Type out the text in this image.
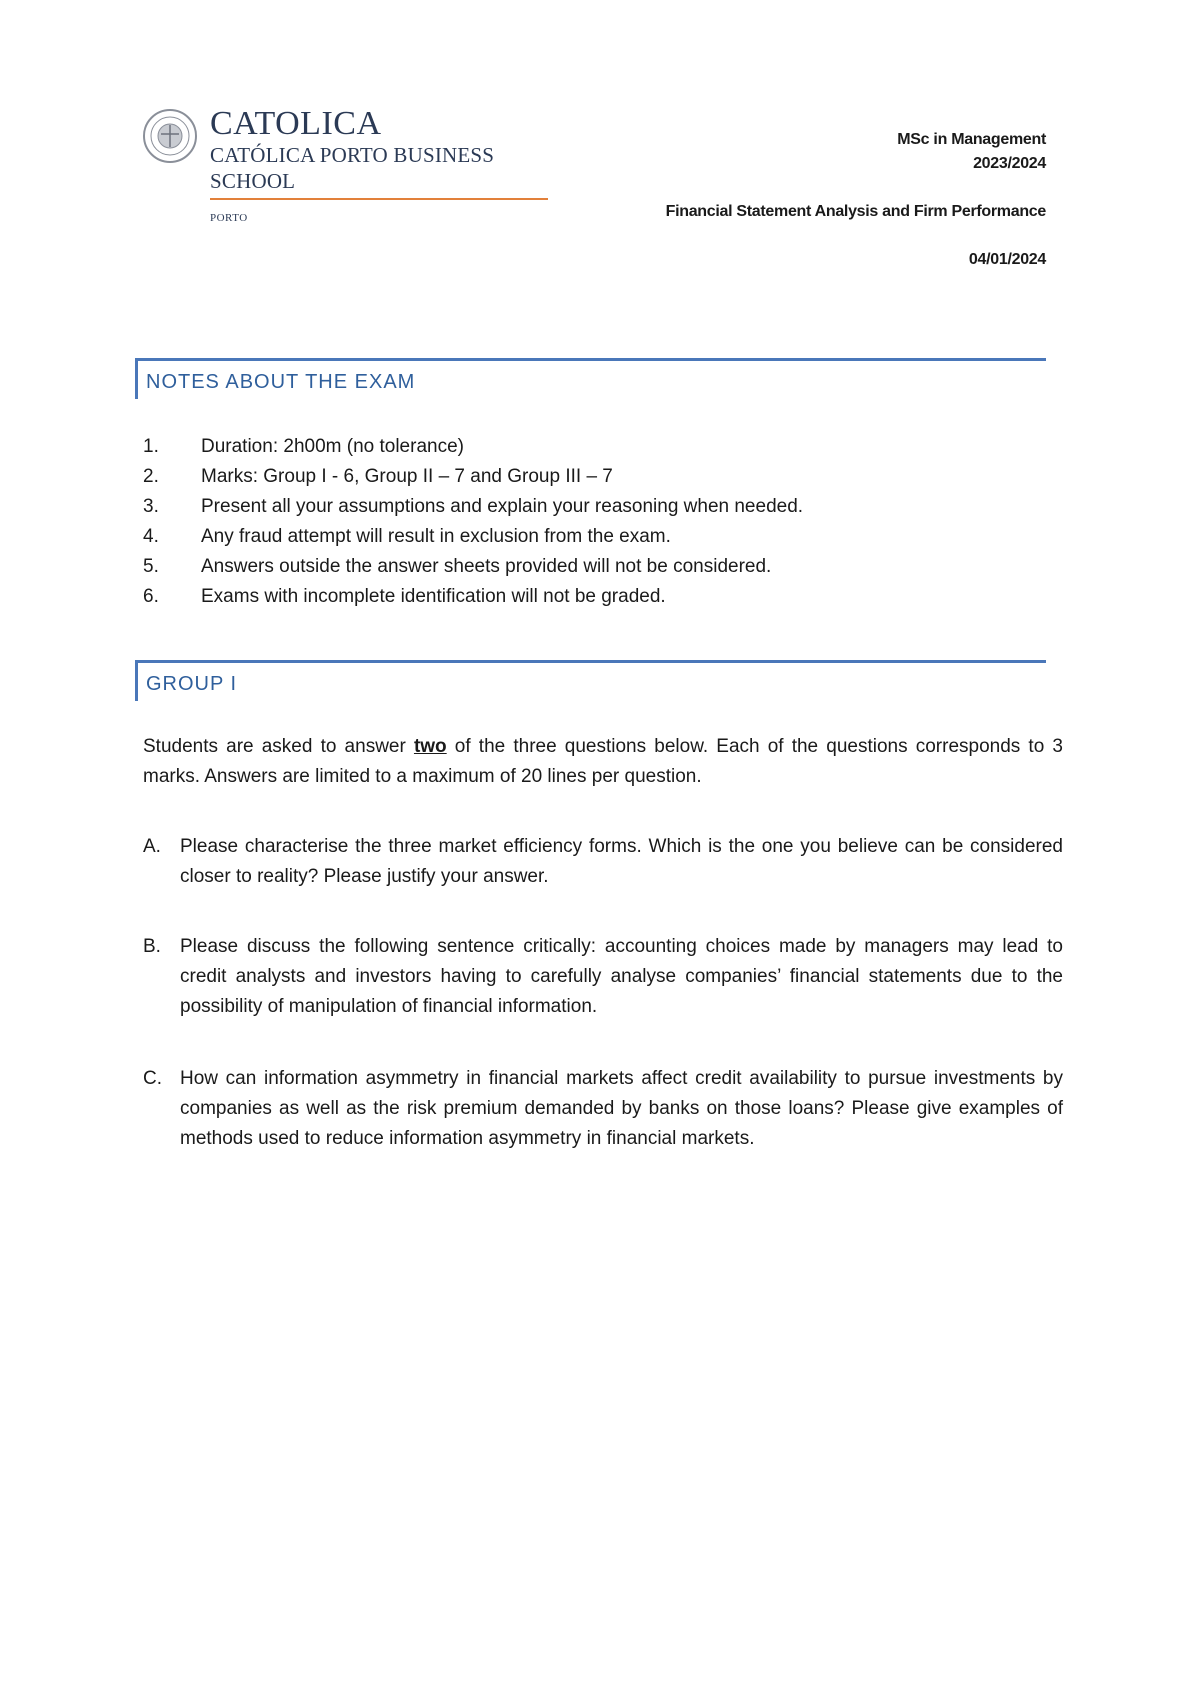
CATOLICA
CATÓLICA PORTO BUSINESS SCHOOL
PORTO
MSc in Management
2023/2024
Financial Statement Analysis and Firm Performance
04/01/2024
NOTES ABOUT THE EXAM
1.	Duration: 2h00m (no tolerance)
2.	Marks: Group I - 6, Group II – 7 and Group III – 7
3.	Present all your assumptions and explain your reasoning when needed.
4.	Any fraud attempt will result in exclusion from the exam.
5.	Answers outside the answer sheets provided will not be considered.
6.	Exams with incomplete identification will not be graded.
GROUP I
Students are asked to answer two of the three questions below. Each of the questions corresponds to 3 marks. Answers are limited to a maximum of 20 lines per question.
A.	Please characterise the three market efficiency forms. Which is the one you believe can be considered closer to reality? Please justify your answer.
B.	Please discuss the following sentence critically: accounting choices made by managers may lead to credit analysts and investors having to carefully analyse companies’ financial statements due to the possibility of manipulation of financial information.
C. How can information asymmetry in financial markets affect credit availability to pursue investments by companies as well as the risk premium demanded by banks on those loans? Please give examples of methods used to reduce information asymmetry in financial markets.
